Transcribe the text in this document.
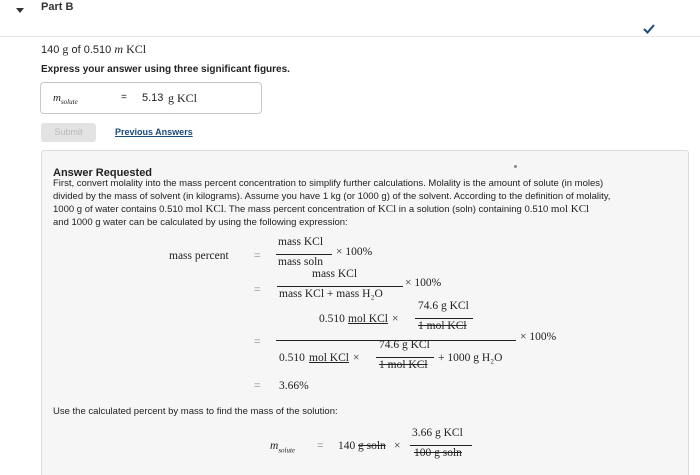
Part B
140 g of 0.510 m KCl
Express your answer using three significant figures.
$m_{solute}$	= 5.13 g KCl
Submit	Previous Answers
Answer Requested
First, convert molality into the mass percent concentration to simplify further calculations. Molality is the amount of solute (in moles)
divided by the mass of solvent (in kilograms). Assume you have 1 kg (or 1000 g) of the solvent. According to the definition of molality,
1000 g of water contains 0.510 mol KCl. The mass percent concentration of KCl in a solution (soln) containing 0.510 mol KCl
and 1000 g water can be calculated by using the following expression:
mass percent =
mass KCl
mass soln
× 100%
=
mass KCl
mass KCl + mass H₂O
× 100%
0.510 mol KCl ×
74.6 g KCl
1 mol KCl
=	× 100%
0.510 mol KCl ×
74.6 g KCl
1 mol KCl
+ 1000 g H₂O
= 3.66%
$m_{solute} = 140$ g soln ×
3.66 g KCl
100 g soln
Use the calculated percent by mass to find the mass of the solution:
